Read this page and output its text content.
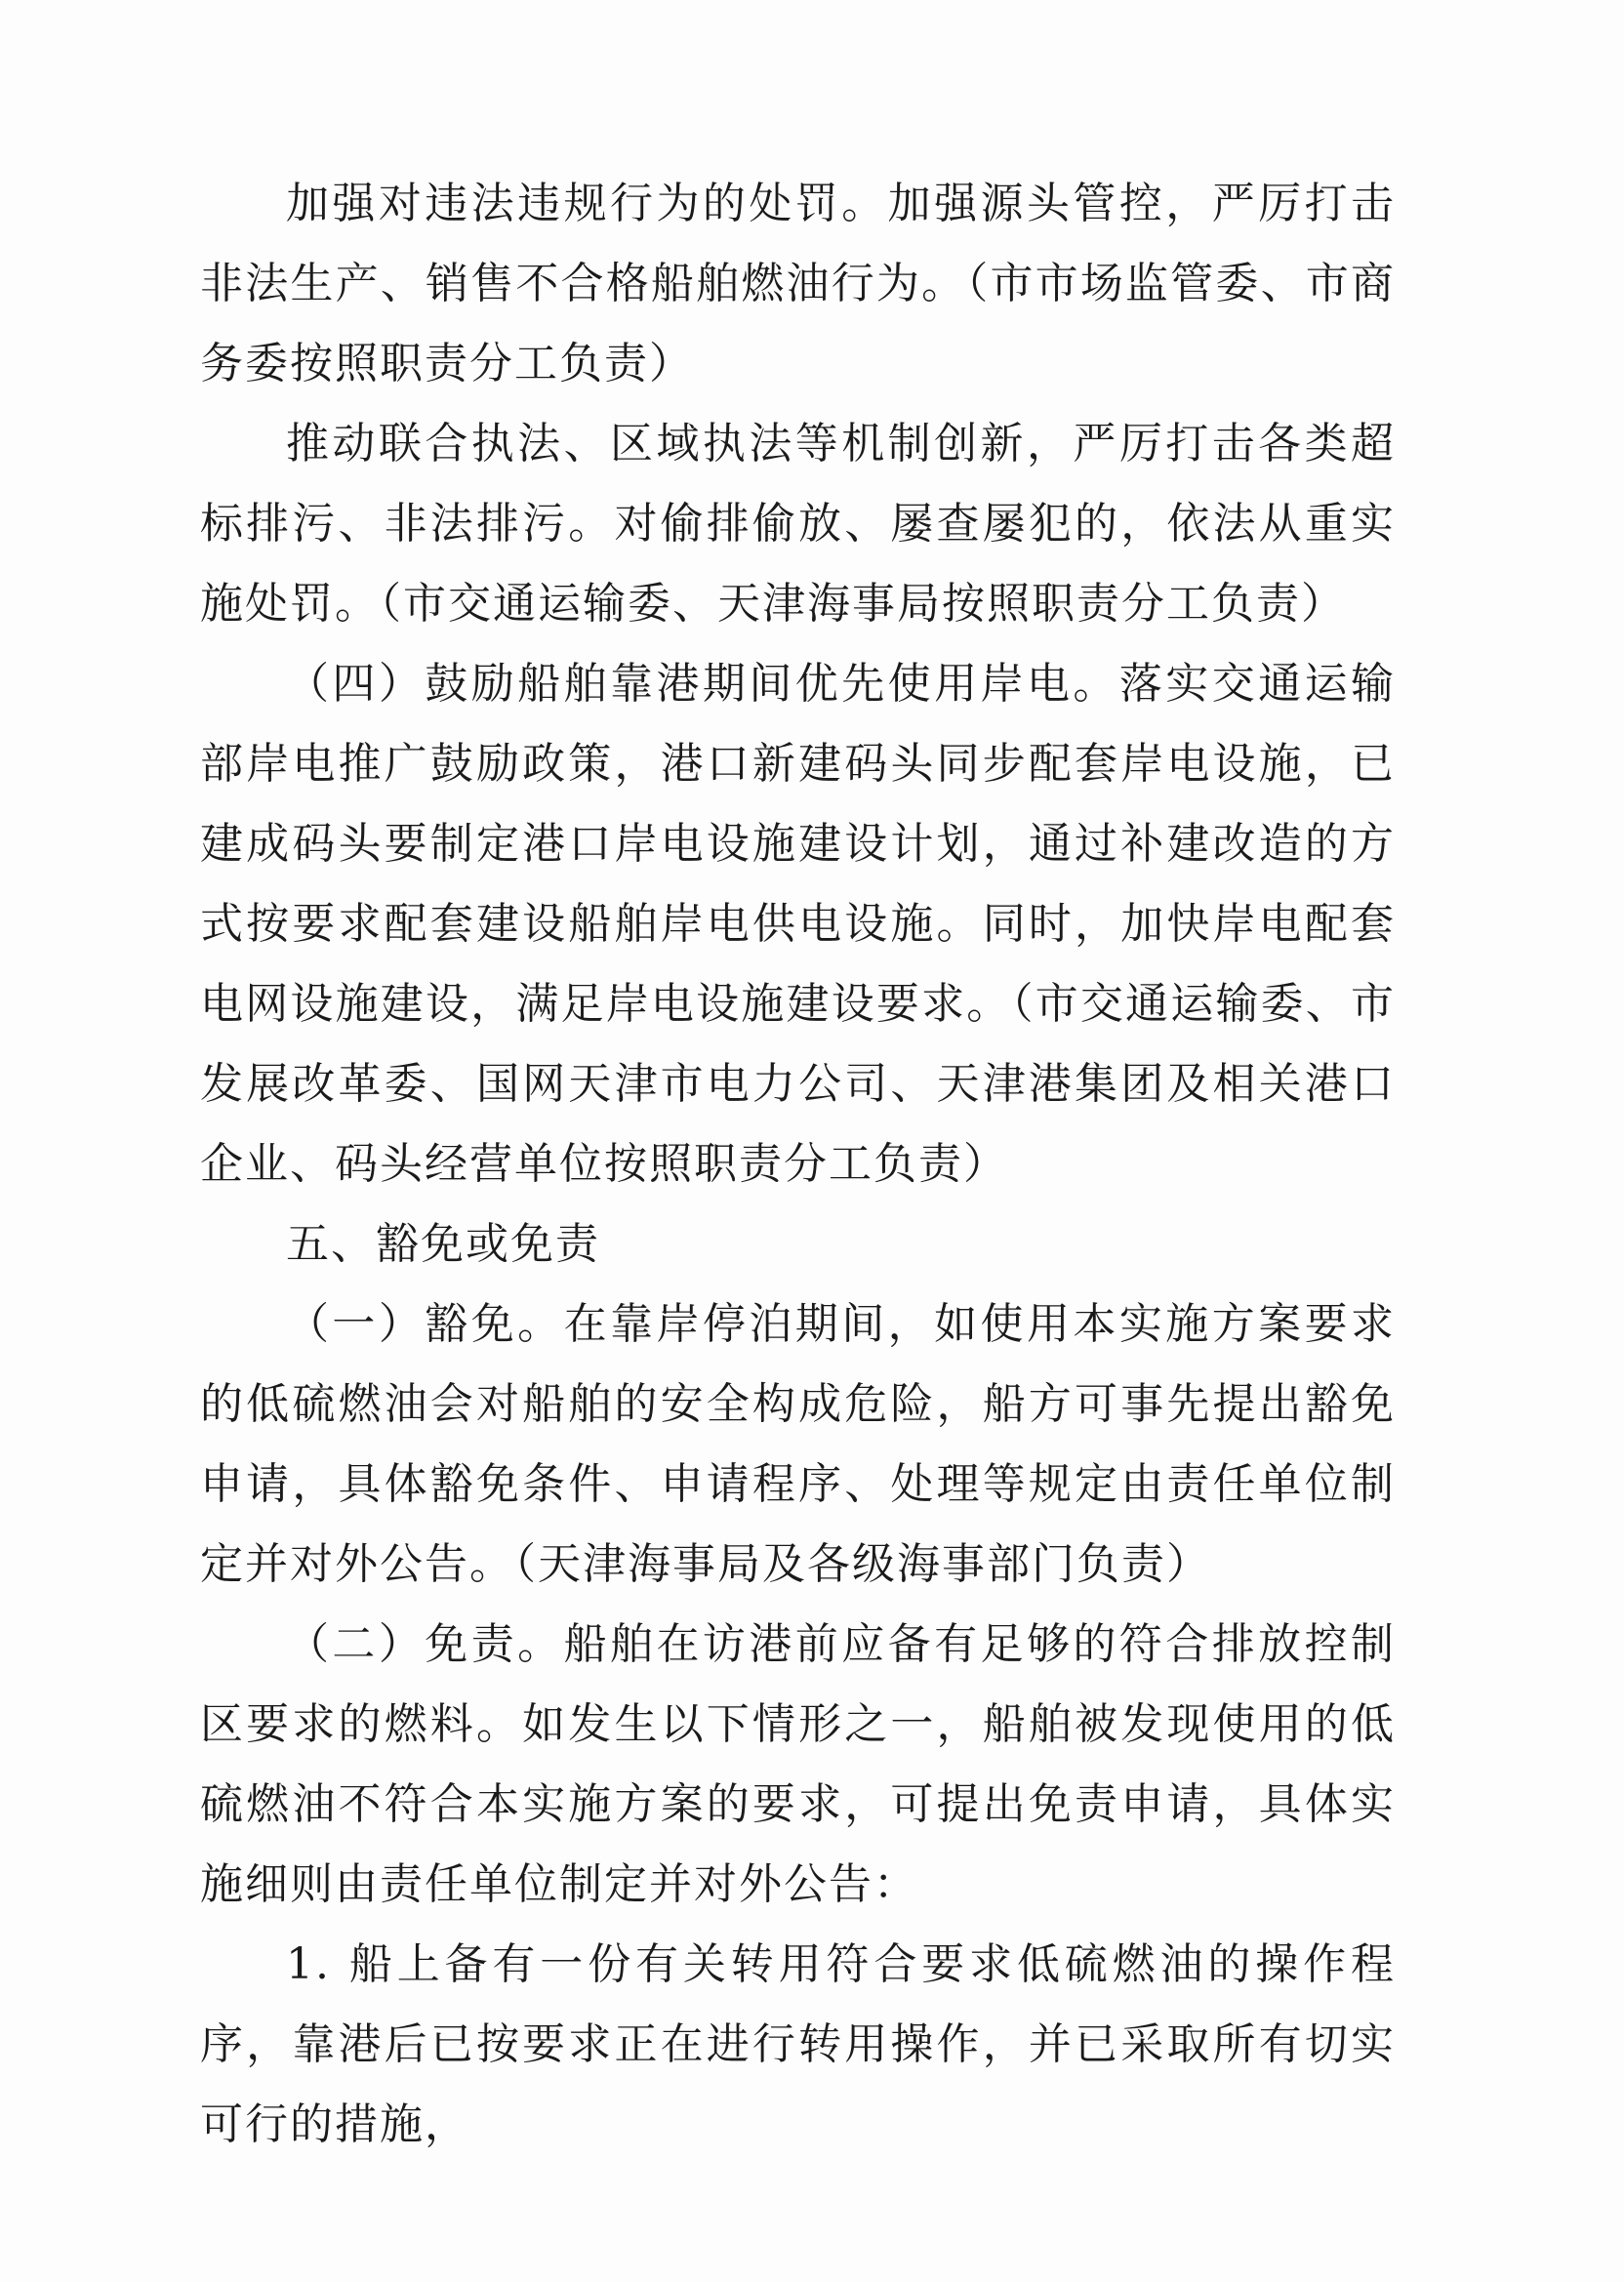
加强对违法违规行为的处罚。加强源头管控，严厉打击非法生产、销售不合格船舶燃油行为。（市市场监管委、市商务委按照职责分工负责）

推动联合执法、区域执法等机制创新，严厉打击各类超标排污、非法排污。对偷排偷放、屡查屡犯的，依法从重实施处罚。（市交通运输委、天津海事局按照职责分工负责）

（四）鼓励船舶靠港期间优先使用岸电。落实交通运输部岸电推广鼓励政策，港口新建码头同步配套岸电设施，已建成码头要制定港口岸电设施建设计划，通过补建改造的方式按要求配套建设船舶岸电供电设施。同时，加快岸电配套电网设施建设，满足岸电设施建设要求。（市交通运输委、市发展改革委、国网天津市电力公司、天津港集团及相关港口企业、码头经营单位按照职责分工负责）

五、豁免或免责

（一）豁免。在靠岸停泊期间，如使用本实施方案要求的低硫燃油会对船舶的安全构成危险，船方可事先提出豁免申请，具体豁免条件、申请程序、处理等规定由责任单位制定并对外公告。（天津海事局及各级海事部门负责）

（二）免责。船舶在访港前应备有足够的符合排放控制区要求的燃料。如发生以下情形之一，船舶被发现使用的低硫燃油不符合本实施方案的要求，可提出免责申请，具体实施细则由责任单位制定并对外公告：

1. 船上备有一份有关转用符合要求低硫燃油的操作程序，靠港后已按要求正在进行转用操作，并已采取所有切实可行的措施，
